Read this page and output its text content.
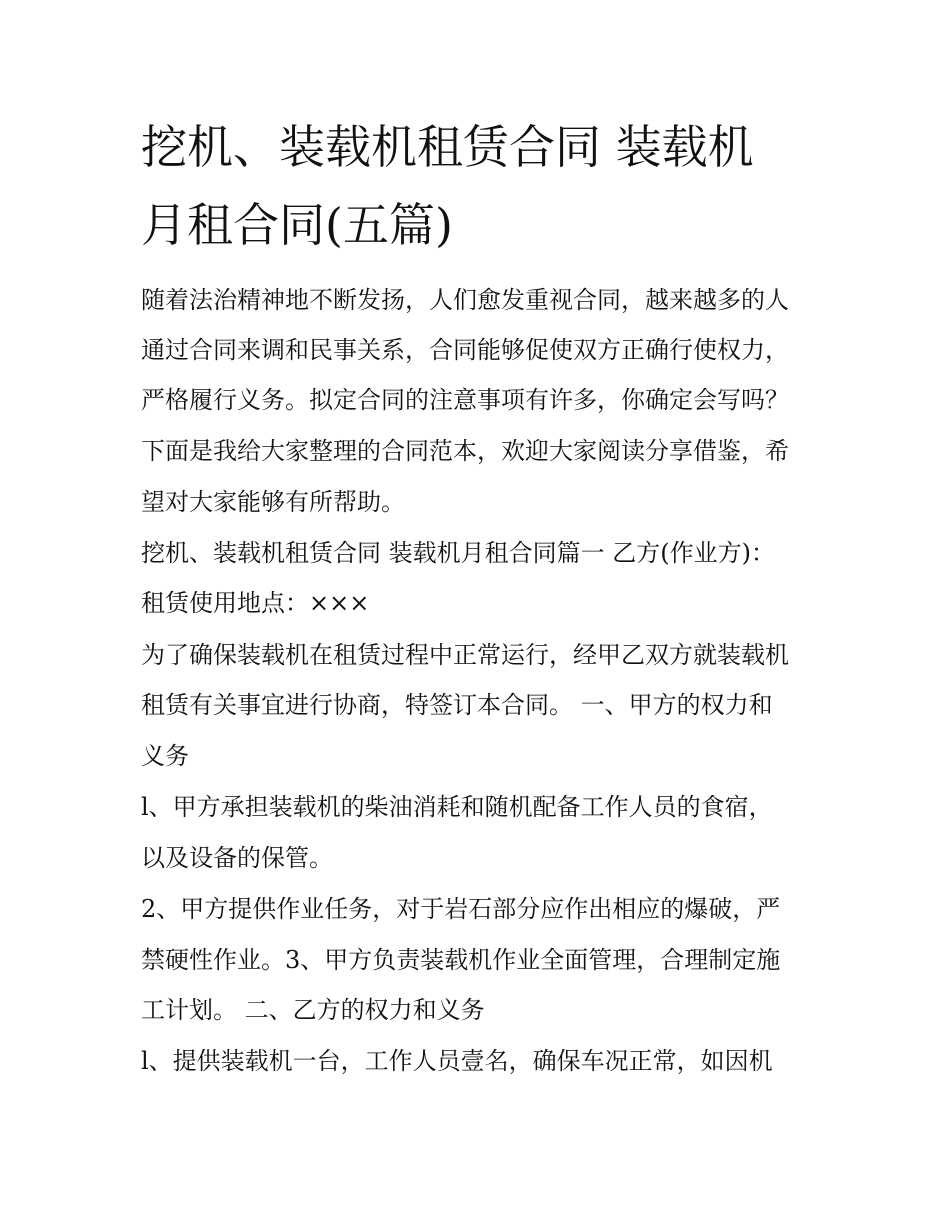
挖机、装载机租赁合同 装载机
月租合同(五篇)

随着法治精神地不断发扬，人们愈发重视合同，越来越多的人

通过合同来调和民事关系，合同能够促使双方正确行使权力，

严格履行义务。拟定合同的注意事项有许多，你确定会写吗？

下面是我给大家整理的合同范本，欢迎大家阅读分享借鉴，希

望对大家能够有所帮助。

挖机、装载机租赁合同 装载机月租合同篇一 乙方(作业方)：

租赁使用地点：×××

为了确保装载机在租赁过程中正常运行，经甲乙双方就装载机

租赁有关事宜进行协商，特签订本合同。 一、甲方的权力和

义务

l、甲方承担装载机的柴油消耗和随机配备工作人员的食宿，

以及设备的保管。

2、甲方提供作业任务，对于岩石部分应作出相应的爆破，严

禁硬性作业。3、甲方负责装载机作业全面管理，合理制定施

工计划。 二、乙方的权力和义务

l、提供装载机一台，工作人员壹名，确保车况正常，如因机
